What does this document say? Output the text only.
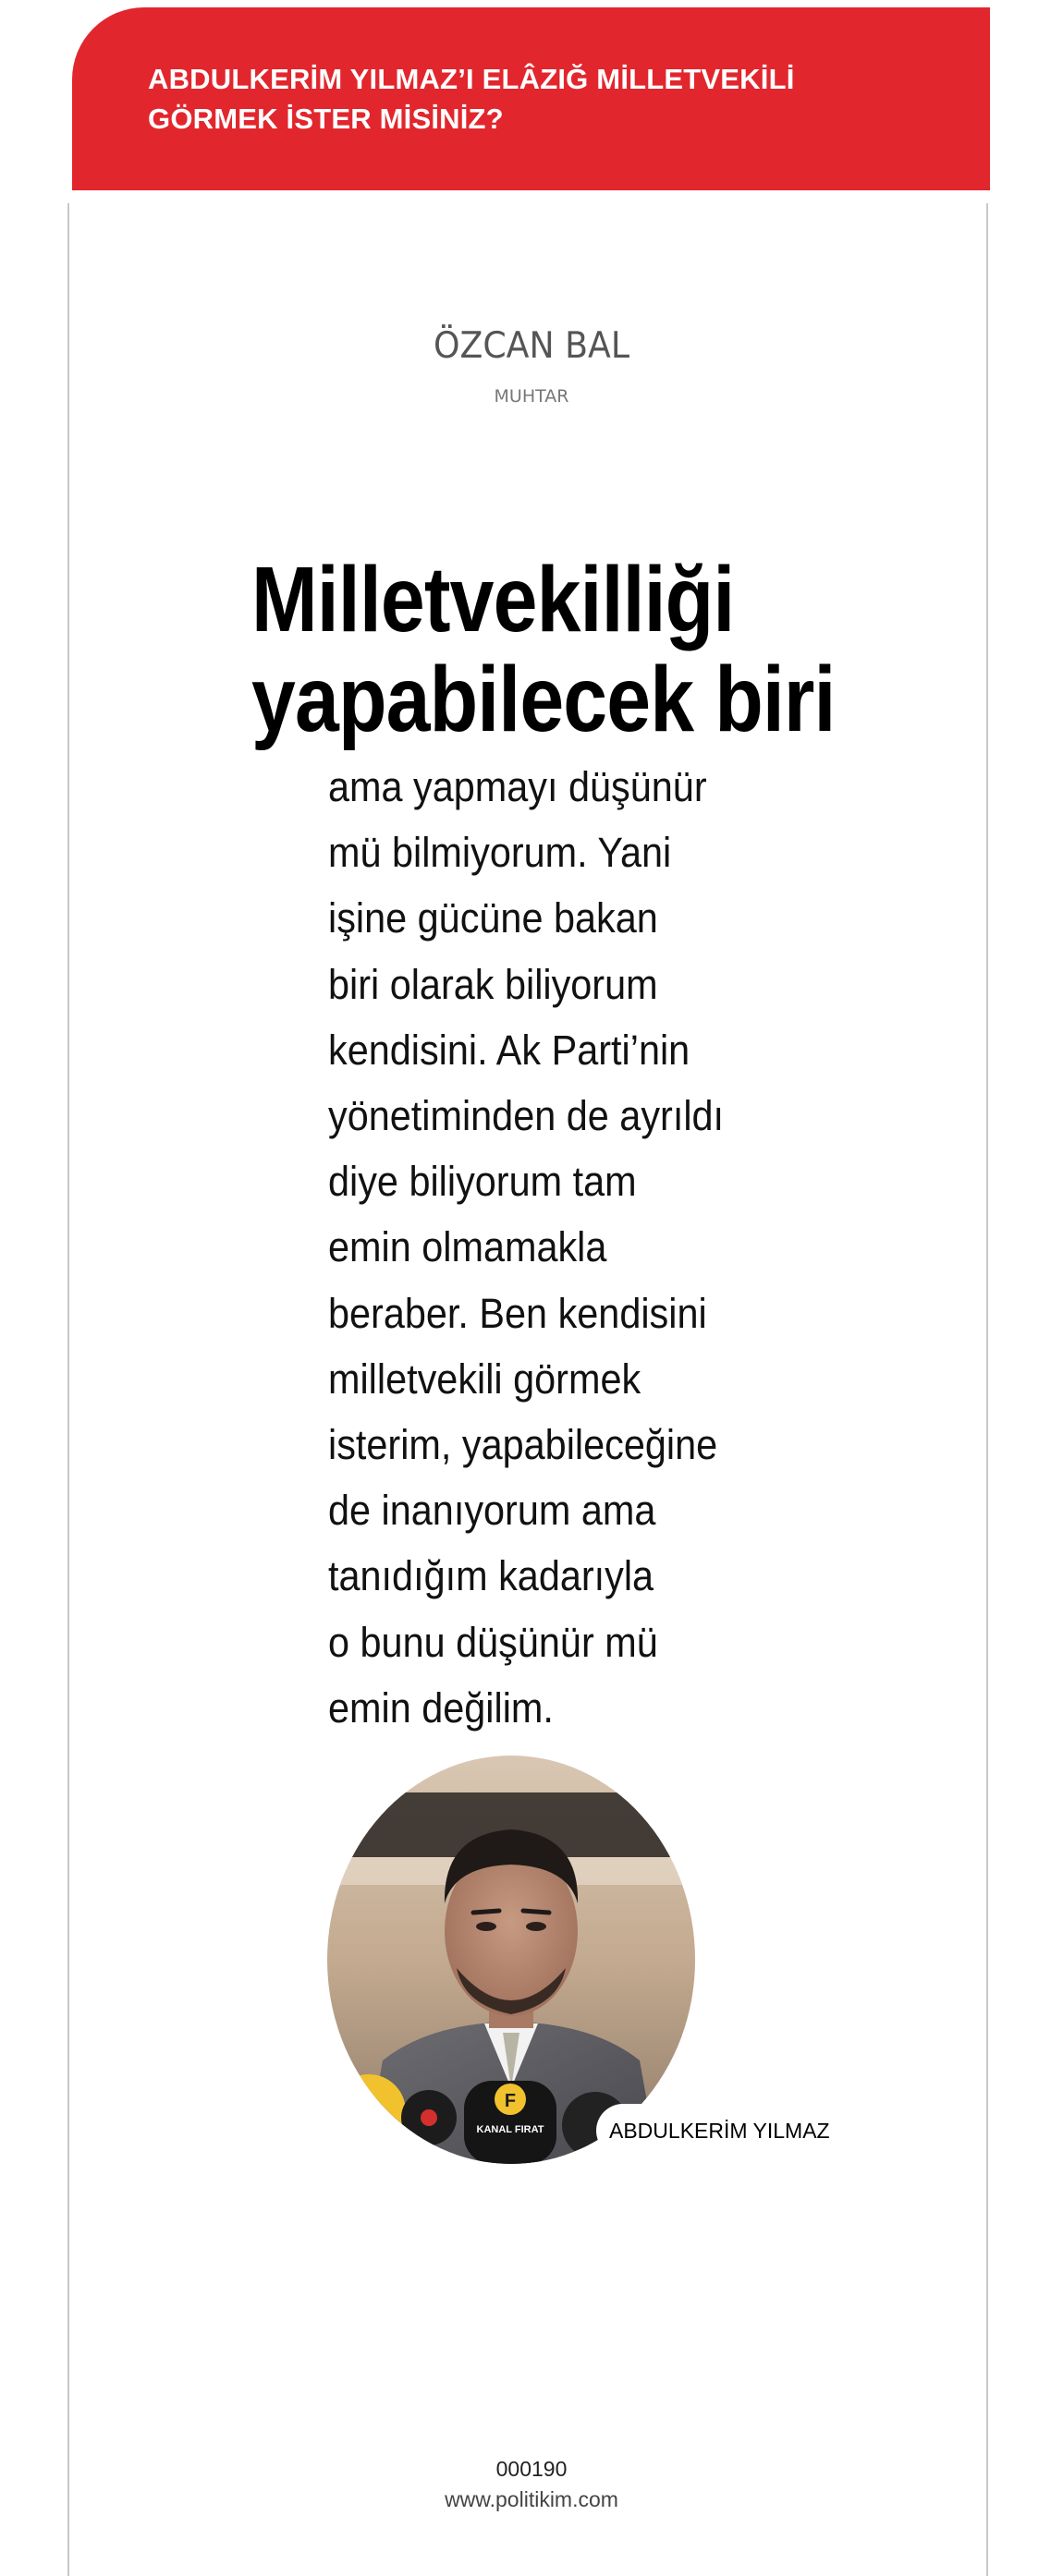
ABDULKERİM YILMAZ’I ELÂZIĞ MİLLETVEKİLİ GÖRMEK İSTER MİSİNİZ?
ÖZCAN BAL
MUHTAR
Milletvekilliği
yapabilecek biri
ama yapmayı düşünür
mü bilmiyorum. Yani
işine gücüne bakan
biri olarak biliyorum
kendisini. Ak Parti’nin
yönetiminden de ayrıldı
diye biliyorum tam
emin olmamakla
beraber. Ben kendisini
milletvekili görmek
isterim, yapabileceğine
de inanıyorum ama
tanıdığım kadarıyla
o bunu düşünür mü
emin değilim.
F
KANAL FIRAT	ABDULKERİM YILMAZ
000190
www.politikim.com
